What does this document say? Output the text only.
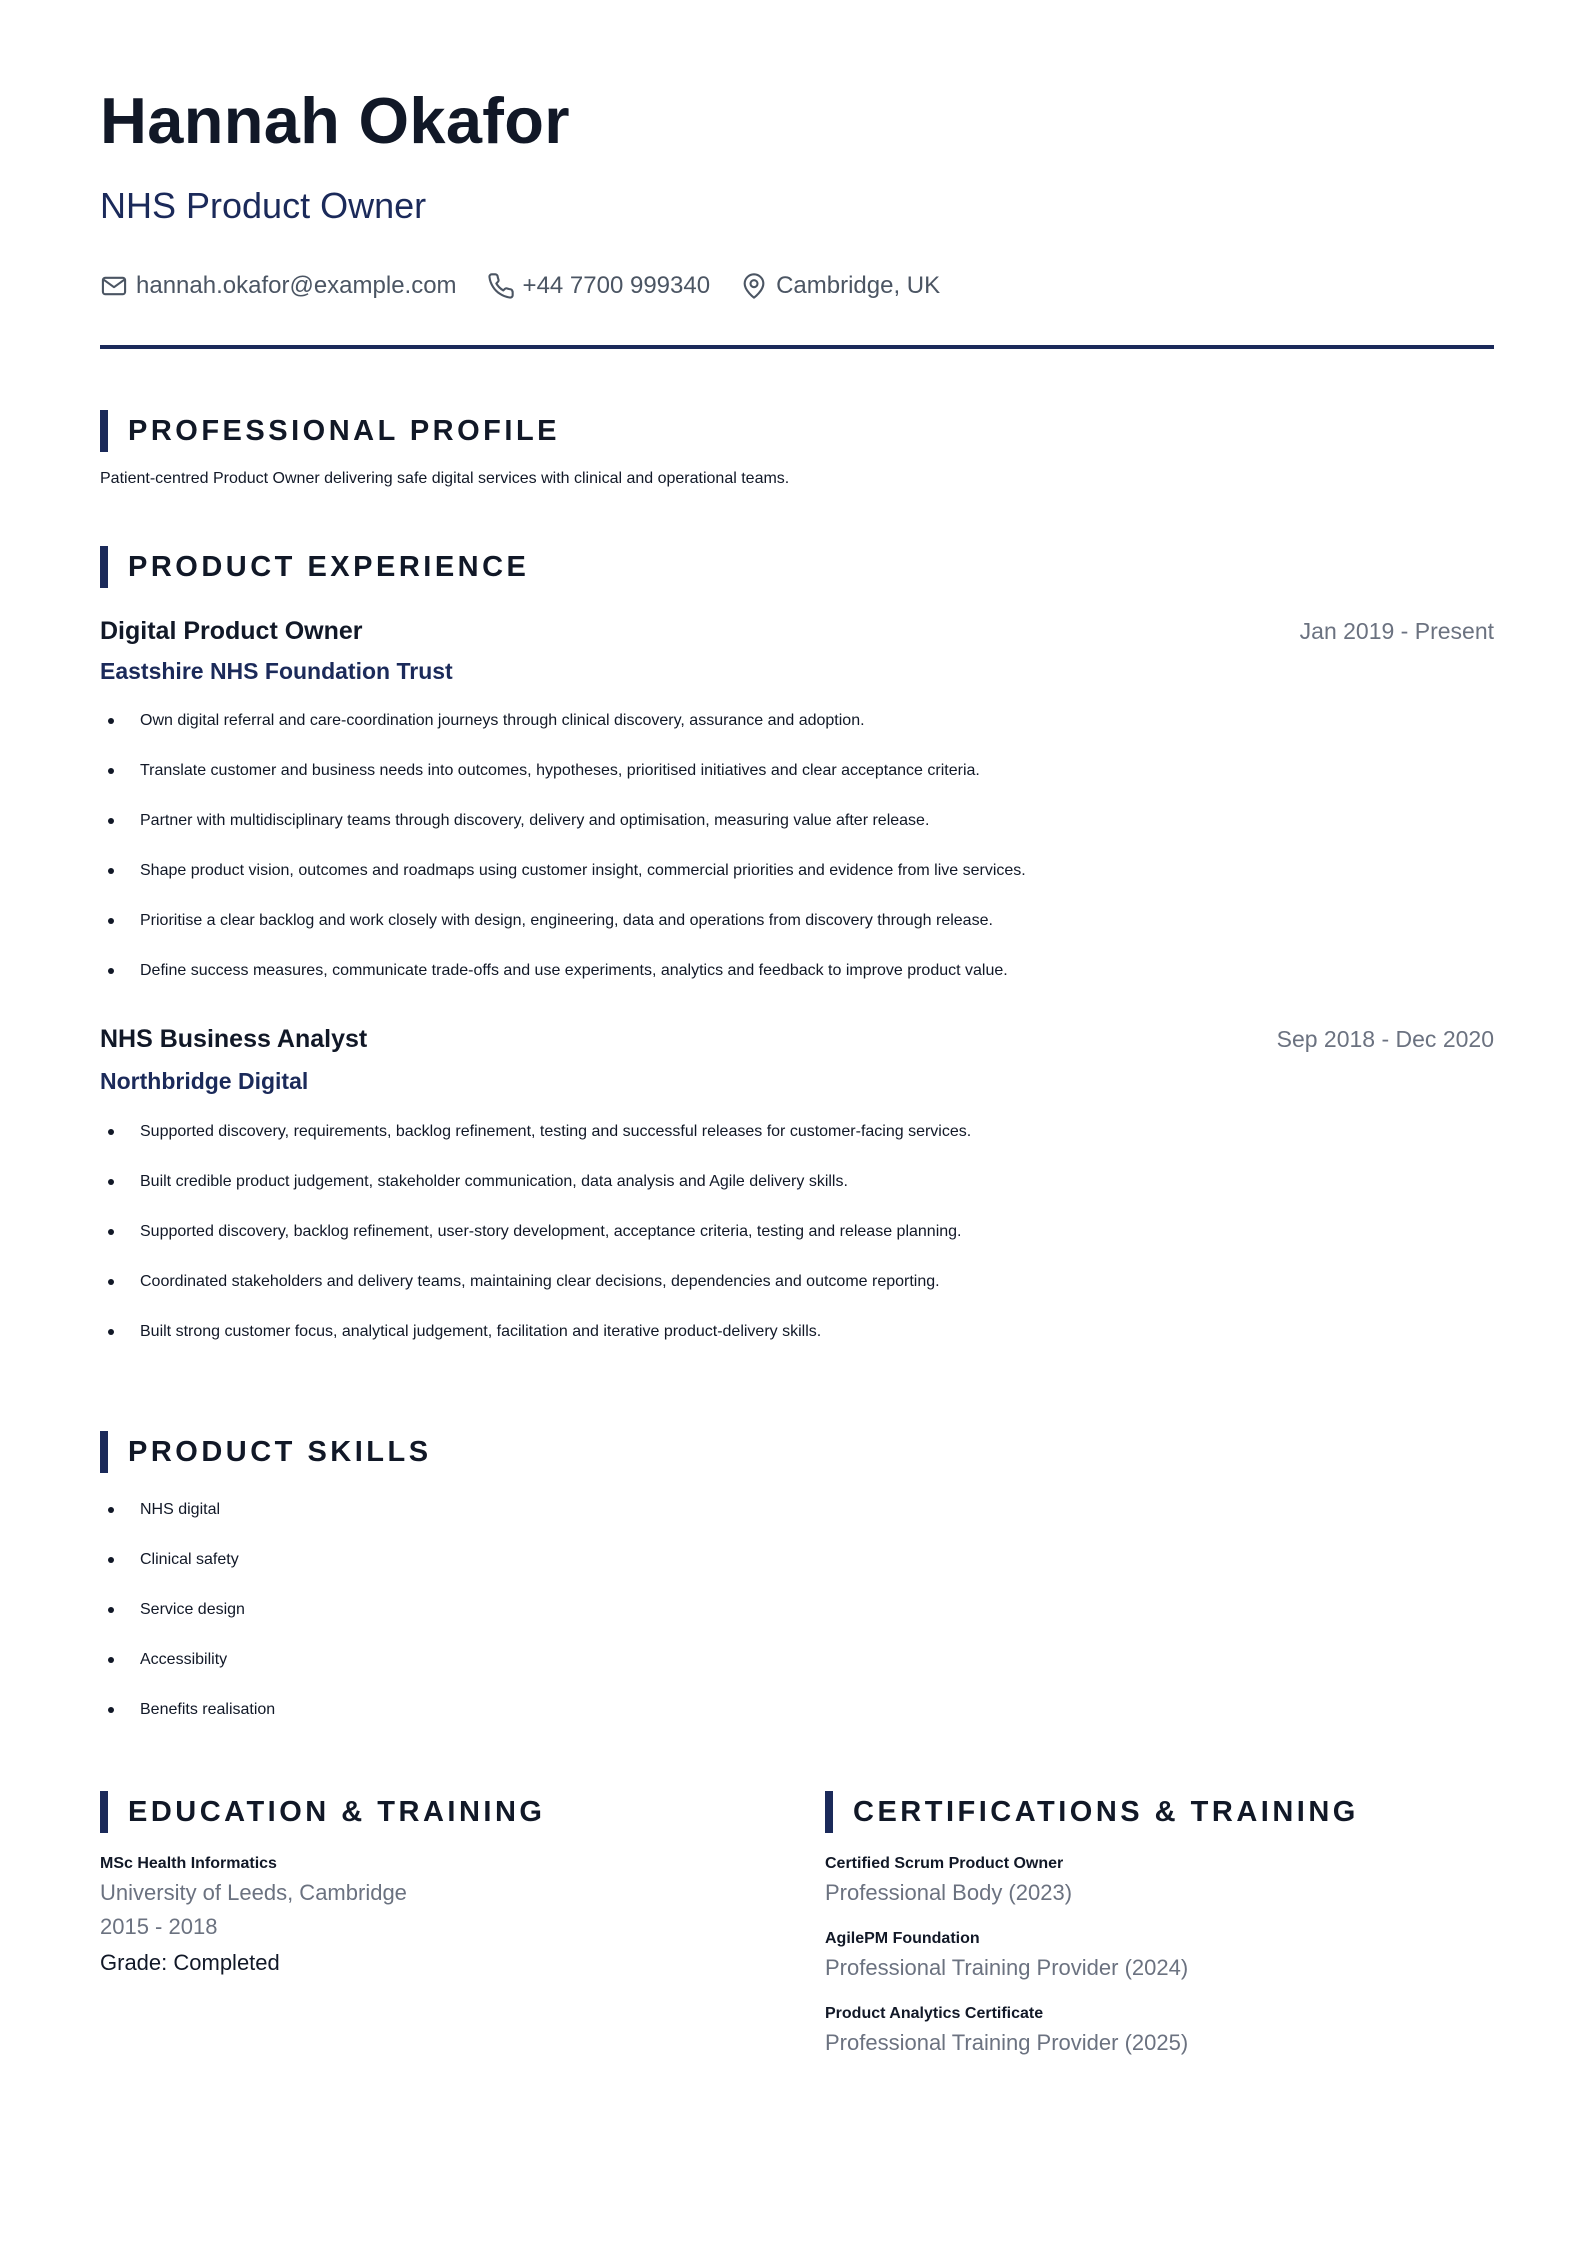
Hannah Okafor
NHS Product Owner
hannah.okafor@example.com	+44 7700 999340	Cambridge, UK
PROFESSIONAL PROFILE
Patient-centred Product Owner delivering safe digital services with clinical and operational teams.
PRODUCT EXPERIENCE
Digital Product Owner	Jan 2019 - Present
Eastshire NHS Foundation Trust
Own digital referral and care-coordination journeys through clinical discovery, assurance and adoption.
Translate customer and business needs into outcomes, hypotheses, prioritised initiatives and clear acceptance criteria.
Partner with multidisciplinary teams through discovery, delivery and optimisation, measuring value after release.
Shape product vision, outcomes and roadmaps using customer insight, commercial priorities and evidence from live services.
Prioritise a clear backlog and work closely with design, engineering, data and operations from discovery through release.
Define success measures, communicate trade-offs and use experiments, analytics and feedback to improve product value.
NHS Business Analyst	Sep 2018 - Dec 2020
Northbridge Digital
Supported discovery, requirements, backlog refinement, testing and successful releases for customer-facing services.
Built credible product judgement, stakeholder communication, data analysis and Agile delivery skills.
Supported discovery, backlog refinement, user-story development, acceptance criteria, testing and release planning.
Coordinated stakeholders and delivery teams, maintaining clear decisions, dependencies and outcome reporting.
Built strong customer focus, analytical judgement, facilitation and iterative product-delivery skills.
PRODUCT SKILLS
NHS digital
Clinical safety
Service design
Accessibility
Benefits realisation
EDUCATION & TRAINING
MSc Health Informatics
University of Leeds, Cambridge
2015 - 2018
Grade: Completed
CERTIFICATIONS & TRAINING
Certified Scrum Product Owner
Professional Body (2023)
AgilePM Foundation
Professional Training Provider (2024)
Product Analytics Certificate
Professional Training Provider (2025)
